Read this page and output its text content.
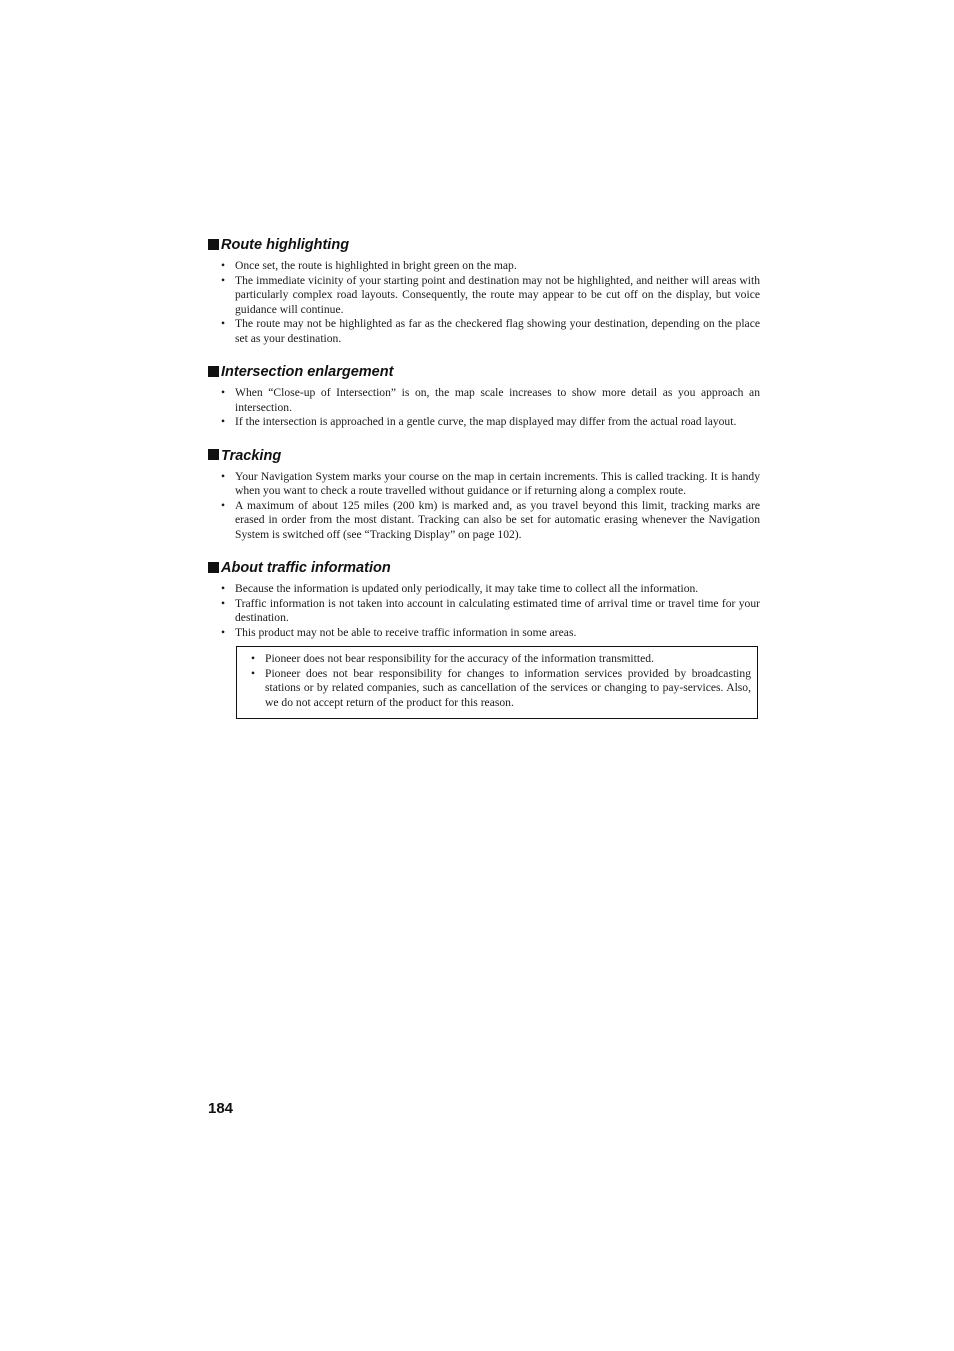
Route highlighting
• Once set, the route is highlighted in bright green on the map.
• The immediate vicinity of your starting point and destination may not be highlighted, and neither will areas with particularly complex road layouts. Consequently, the route may appear to be cut off on the display, but voice guidance will continue.
• The route may not be highlighted as far as the checkered flag showing your destination, depending on the place set as your destination.
Intersection enlargement
• When “Close-up of Intersection” is on, the map scale increases to show more detail as you approach an intersection.
• If the intersection is approached in a gentle curve, the map displayed may differ from the actual road layout.
Tracking
• Your Navigation System marks your course on the map in certain increments. This is called tracking. It is handy when you want to check a route travelled without guidance or if returning along a complex route.
• A maximum of about 125 miles (200 km) is marked and, as you travel beyond this limit, tracking marks are erased in order from the most distant. Tracking can also be set for automatic erasing whenever the Navigation System is switched off (see “Tracking Display” on page 102).
About traffic information
• Because the information is updated only periodically, it may take time to collect all the information.
• Traffic information is not taken into account in calculating estimated time of arrival time or travel time for your destination.
• This product may not be able to receive traffic information in some areas.
• Pioneer does not bear responsibility for the accuracy of the information transmitted.
• Pioneer does not bear responsibility for changes to information services provided by broadcasting stations or by related companies, such as cancellation of the services or changing to pay-services. Also, we do not accept return of the product for this reason.
184
